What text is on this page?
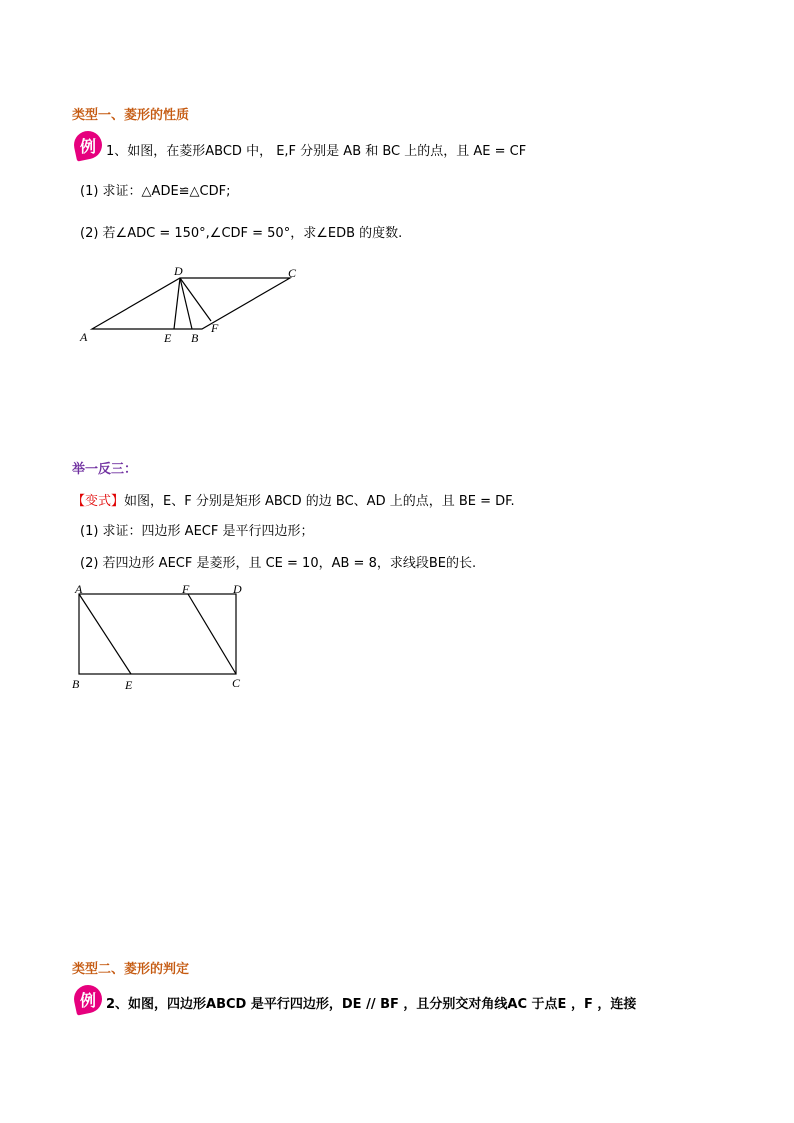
类型一、菱形的性质
例 1、如图，在菱形ABCD 中， E,F 分别是 AB 和 BC 上的点，且 AE = CF
(1) 求证：△ADE≌△CDF;
(2) 若∠ADC = 150°,∠CDF = 50°，求∠EDB 的度数.
D	C
A	E B
F
举一反三：
【变式】如图，E、F 分别是矩形 ABCD 的边 BC、AD 上的点，且 BE = DF.
(1) 求证：四边形 AECF 是平行四边形；
(2) 若四边形 AECF 是菱形，且 CE = 10，AB = 8，求线段BE的长.
A	F	D
B	E	C
类型二、菱形的判定
例 2、如图，四边形ABCD 是平行四边形，DE // BF ，且分别交对角线AC 于点E ，F ，连接
